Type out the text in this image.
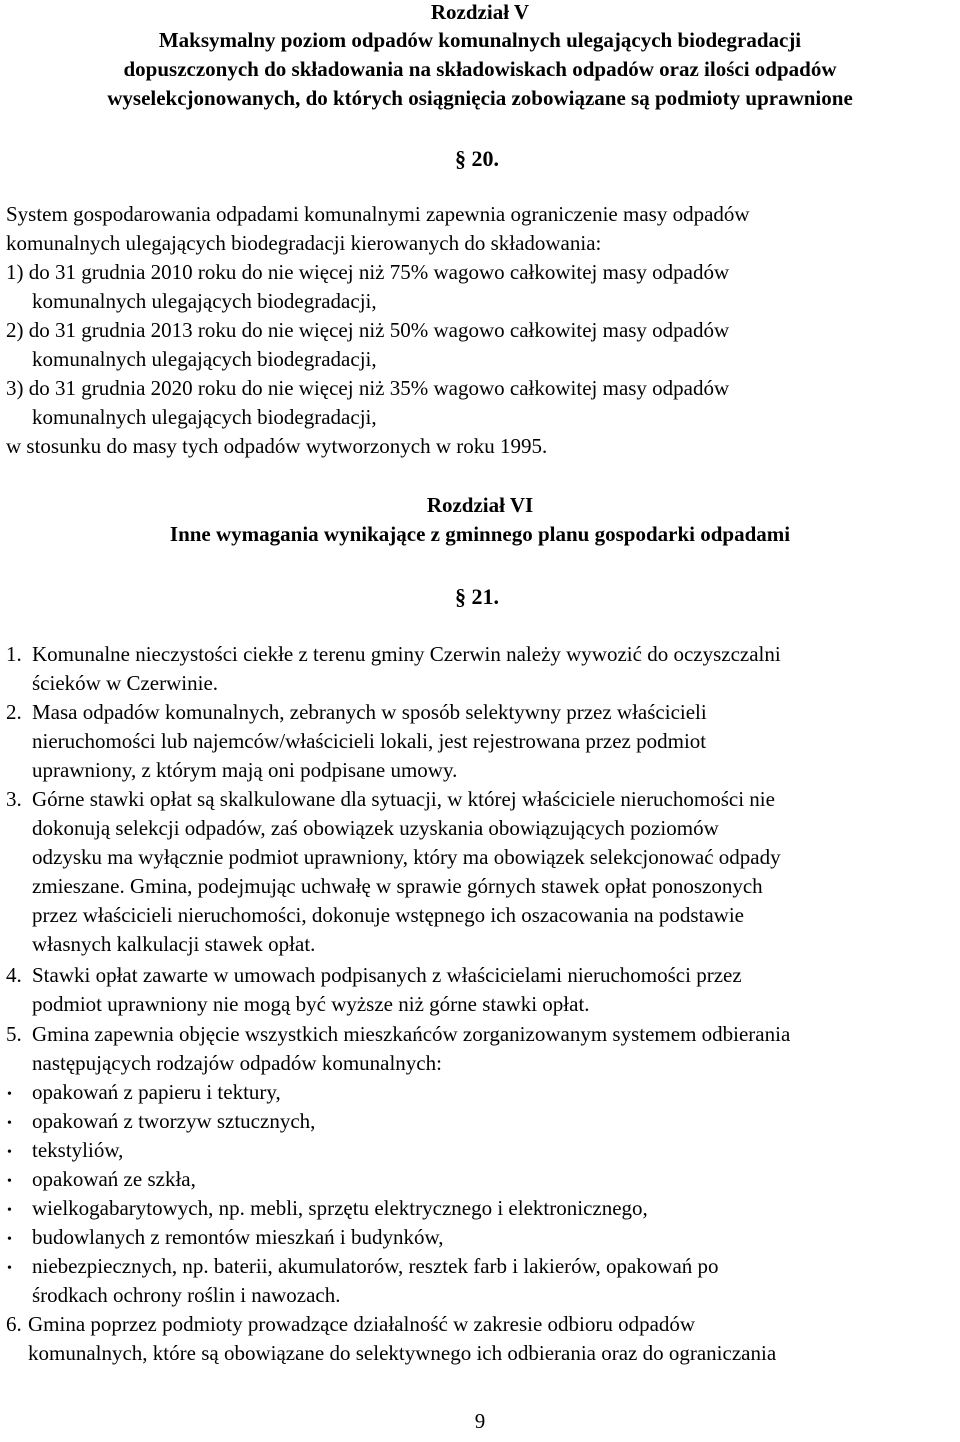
Rozdział V
Maksymalny poziom odpadów komunalnych ulegających biodegradacji
dopuszczonych do składowania na składowiskach odpadów oraz ilości odpadów
wyselekcjonowanych, do których osiągnięcia zobowiązane są podmioty uprawnione
§ 20.
System gospodarowania odpadami komunalnymi zapewnia ograniczenie masy odpadów
komunalnych ulegających biodegradacji kierowanych do składowania:
1) do 31 grudnia 2010 roku do nie więcej niż 75% wagowo całkowitej masy odpadów
komunalnych ulegających biodegradacji,
2) do 31 grudnia 2013 roku do nie więcej niż 50% wagowo całkowitej masy odpadów
komunalnych ulegających biodegradacji,
3) do 31 grudnia 2020 roku do nie więcej niż 35% wagowo całkowitej masy odpadów
komunalnych ulegających biodegradacji,
w stosunku do masy tych odpadów wytworzonych w roku 1995.
Rozdział VI
Inne wymagania wynikające z gminnego planu gospodarki odpadami
§ 21.
1. Komunalne nieczystości ciekłe z terenu gminy Czerwin należy wywozić do oczyszczalni
ścieków w Czerwinie.
2. Masa odpadów komunalnych, zebranych w sposób selektywny przez właścicieli
nieruchomości lub najemców/właścicieli lokali, jest rejestrowana przez podmiot
uprawniony, z którym mają oni podpisane umowy.
3. Górne stawki opłat są skalkulowane dla sytuacji, w której właściciele nieruchomości nie
dokonują selekcji odpadów, zaś obowiązek uzyskania obowiązujących poziomów
odzysku ma wyłącznie podmiot uprawniony, który ma obowiązek selekcjonować odpady
zmieszane. Gmina, podejmując uchwałę w sprawie górnych stawek opłat ponoszonych
przez właścicieli nieruchomości, dokonuje wstępnego ich oszacowania na podstawie
własnych kalkulacji stawek opłat.
4. Stawki opłat zawarte w umowach podpisanych z właścicielami nieruchomości przez
podmiot uprawniony nie mogą być wyższe niż górne stawki opłat.
5. Gmina zapewnia objęcie wszystkich mieszkańców zorganizowanym systemem odbierania
następujących rodzajów odpadów komunalnych:
• opakowań z papieru i tektury,
• opakowań z tworzyw sztucznych,
• tekstyliów,
• opakowań ze szkła,
• wielkogabarytowych, np. mebli, sprzętu elektrycznego i elektronicznego,
• budowlanych z remontów mieszkań i budynków,
• niebezpiecznych, np. baterii, akumulatorów, resztek farb i lakierów, opakowań po
środkach ochrony roślin i nawozach.
6. Gmina poprzez podmioty prowadzące działalność w zakresie odbioru odpadów
komunalnych, które są obowiązane do selektywnego ich odbierania oraz do ograniczania
9
